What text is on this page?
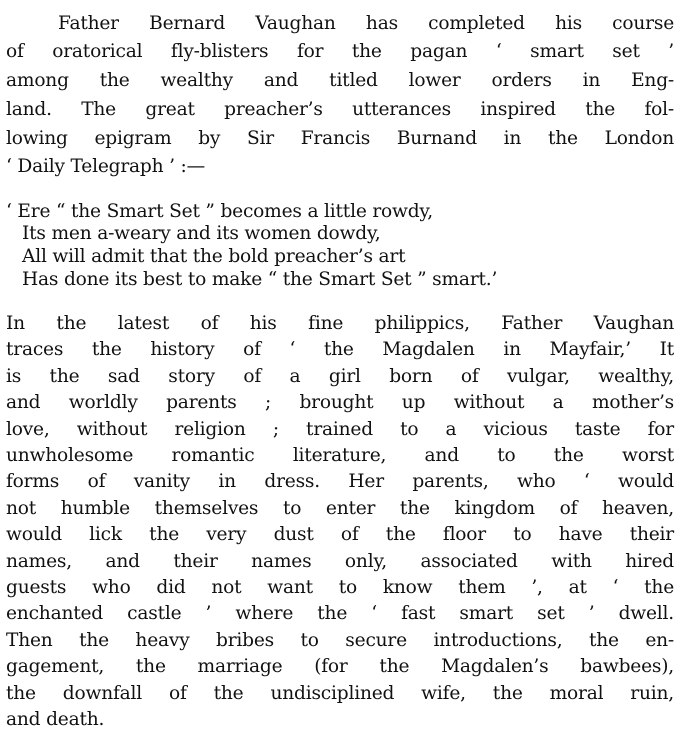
Father Bernard Vaughan has completed his course
of oratorical fly-blisters for the pagan ‘ smart set ’
among the wealthy and titled lower orders in Eng-
land. The great preacher’s utterances inspired the fol-
lowing epigram by Sir Francis Burnand in the London
‘ Daily Telegraph ’ :—
‘ Ere “ the Smart Set ” becomes a little rowdy,
Its men a-weary and its women dowdy,
All will admit that the bold preacher’s art
Has done its best to make “ the Smart Set ” smart.’
In the latest of his fine philippics, Father Vaughan
traces the history of ‘ the Magdalen in Mayfair,’ It
is the sad story of a girl born of vulgar, wealthy,
and worldly parents ; brought up without a mother’s
love, without religion ; trained to a vicious taste for
unwholesome romantic literature, and to the worst
forms of vanity in dress. Her parents, who ‘ would
not humble themselves to enter the kingdom of heaven,
would lick the very dust of the floor to have their
names, and their names only, associated with hired
guests who did not want to know them ’, at ‘ the
enchanted castle ’ where the ‘ fast smart set ’ dwell.
Then the heavy bribes to secure introductions, the en-
gagement, the marriage (for the Magdalen’s bawbees),
the downfall of the undisciplined wife, the moral ruin,
and death.
